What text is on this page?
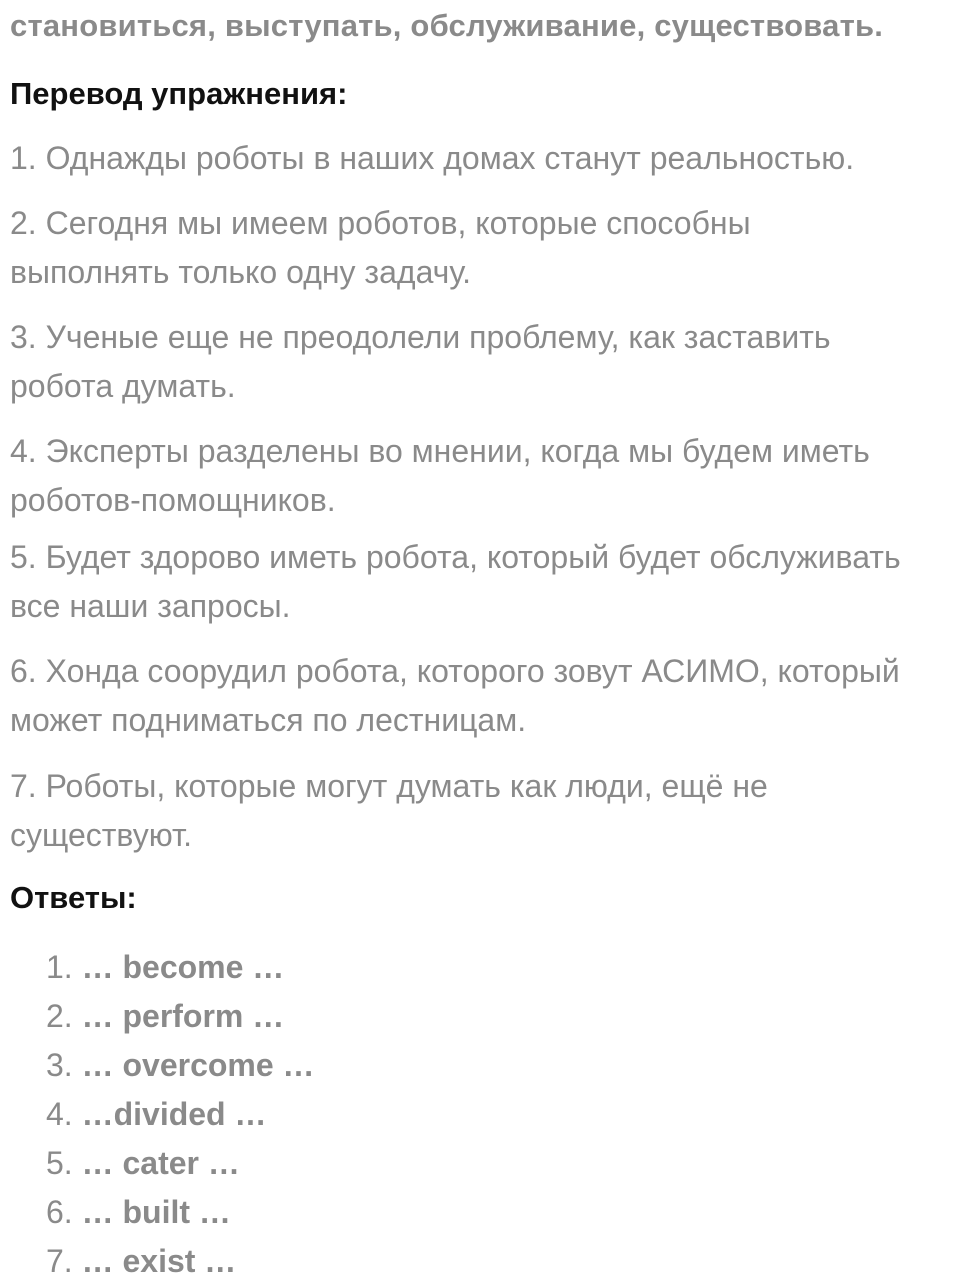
становиться, выступать, обслуживание, существовать.
Перевод упражнения:
1. Однажды роботы в наших домах станут реальностью.
2. Сегодня мы имеем роботов, которые способны
выполнять только одну задачу.
3. Ученые еще не преодолели проблему, как заставить
робота думать.
4. Эксперты разделены во мнении, когда мы будем иметь
роботов-помощников.
5. Будет здорово иметь робота, который будет обслуживать
все наши запросы.
6. Хонда соорудил робота, которого зовут АСИМО, который
может подниматься по лестницам.
7. Роботы, которые могут думать как люди, ещё не
существуют.
Ответы:
1. … become …
2. … perform …
3. … overcome …
4. …divided …
5. … cater …
6. … built …
7. … exist …
